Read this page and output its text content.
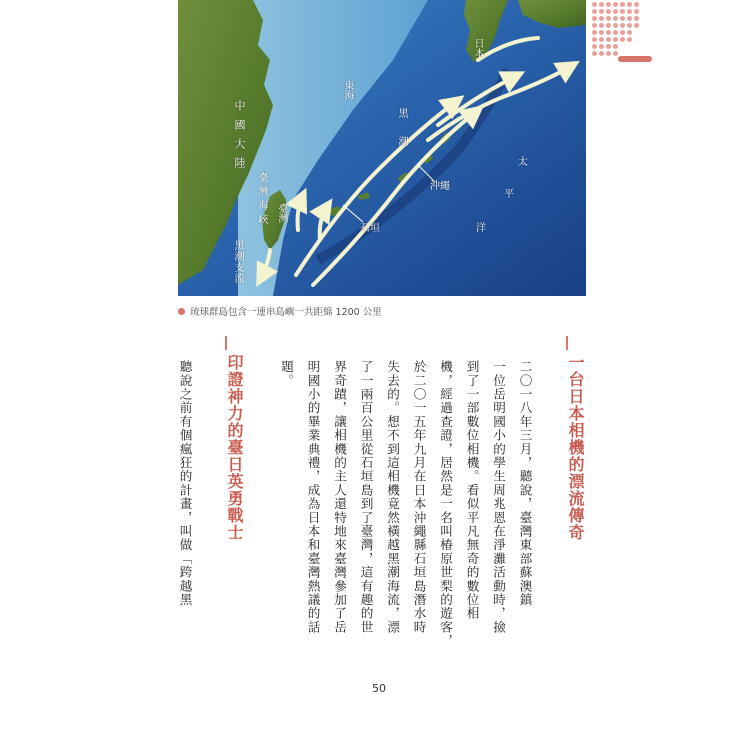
日本
東海
中國大陸
臺灣海峽 臺灣
黑潮支流
黑潮
沖繩
石垣
太
平
洋
琉球群島包含一連串島嶼一共距綿 1200 公里
一台日本相機的漂流傳奇
二〇一八年三月，聽說，臺灣東部蘇澳鎮
一位岳明國小的學生周兆恩在淨灘活動時，撿
到了一部數位相機。看似平凡無奇的數位相
機，經過查證，居然是一名叫椿原世梨的遊客，
於二〇一五年九月在日本沖繩縣石垣島潛水時
失去的。想不到這相機竟然橫越黑潮海流，漂
了一兩百公里從石垣島到了臺灣，這有趣的世
界奇蹟，讓相機的主人還特地來臺灣參加了岳
明國小的畢業典禮，成為日本和臺灣熱議的話
題。
印證神力的臺日英勇戰士
聽說之前有個瘋狂的計畫，叫做「跨越黑
50
